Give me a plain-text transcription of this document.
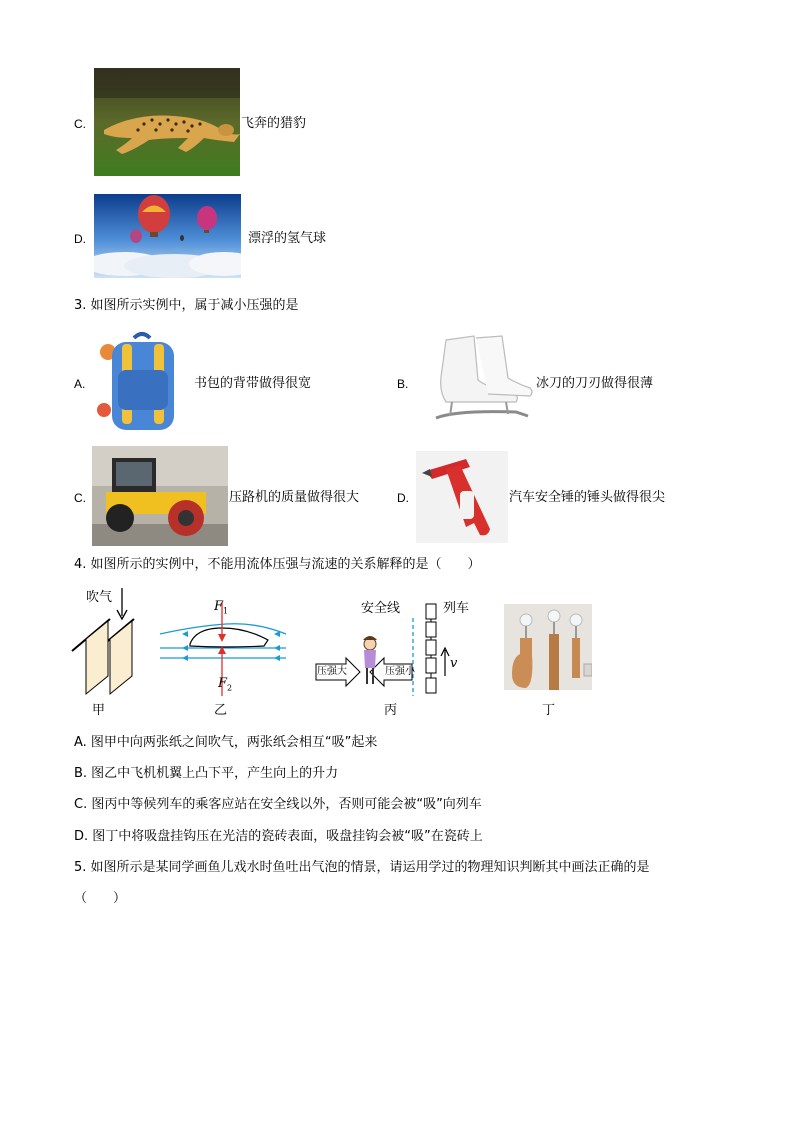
C.	飞奔的猎豹
D.	漂浮的氢气球
3. 如图所示实例中，属于减小压强的是
A.	书包的背带做得很宽	B.	冰刀的刀刃做得很薄
C.	压路机的质量做得很大	D.	汽车安全锤的锤头做得很尖
4. 如图所示的实例中，不能用流体压强与流速的关系解释的是（　　）
吹气
甲
$F_1$
$F_2$
乙
安全线	列车
压强大	压强小
v
丙	丁
A. 图甲中向两张纸之间吹气，两张纸会相互“吸”起来
B. 图乙中飞机机翼上凸下平，产生向上的升力
C. 图丙中等候列车的乘客应站在安全线以外，否则可能会被“吸”向列车
D. 图丁中将吸盘挂钩压在光洁的瓷砖表面，吸盘挂钩会被“吸”在瓷砖上
5. 如图所示是某同学画鱼儿戏水时鱼吐出气泡的情景，请运用学过的物理知识判断其中画法正确的是
（　　）
